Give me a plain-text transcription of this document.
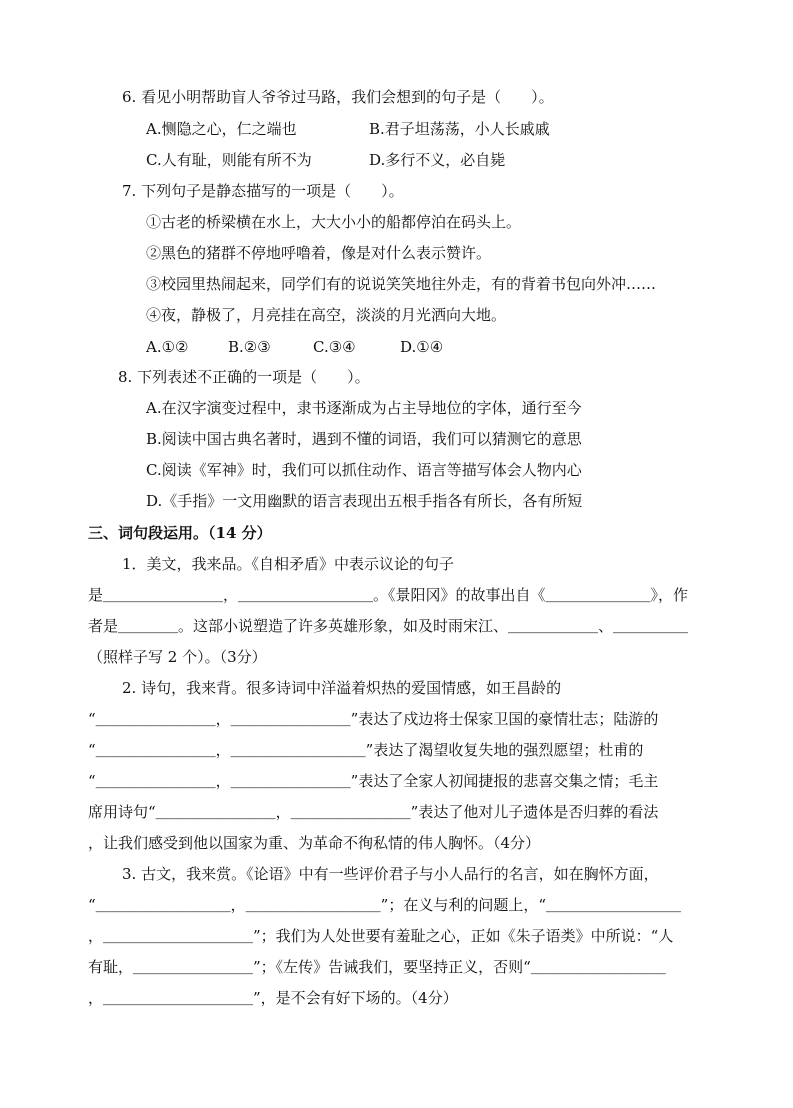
6. 看见小明帮助盲人爷爷过马路，我们会想到的句子是（　　）。
A.恻隐之心，仁之端也	B.君子坦荡荡，小人长戚戚
C.人有耻，则能有所不为	D.多行不义，必自毙
7. 下列句子是静态描写的一项是（　　）。
①古老的桥梁横在水上，大大小小的船都停泊在码头上。
②黑色的猪群不停地呼噜着，像是对什么表示赞许。
③校园里热闹起来，同学们有的说说笑笑地往外走，有的背着书包向外冲……
④夜，静极了，月亮挂在高空，淡淡的月光洒向大地。
A.①②	B.②③	C.③④	D.①④
8. 下列表述不正确的一项是（　　）。
A.在汉字演变过程中，隶书逐渐成为占主导地位的字体，通行至今
B.阅读中国古典名著时，遇到不懂的词语，我们可以猜测它的意思
C.阅读《军神》时，我们可以抓住动作、语言等描写体会人物内心
D.《手指》一文用幽默的语言表现出五根手指各有所长，各有所短
三、词句段运用。（14 分）
1．美文，我来品。《自相矛盾》中表示议论的句子
是＿＿＿＿＿＿＿＿，＿＿＿＿＿＿＿＿＿。《景阳冈》的故事出自《＿＿＿＿＿＿＿》，作
者是＿＿＿＿。这部小说塑造了许多英雄形象，如及时雨宋江、＿＿＿＿＿＿、＿＿＿＿＿
（照样子写 2 个）。（3分）
2. 诗句，我来背。很多诗词中洋溢着炽热的爱国情感，如王昌龄的
“＿＿＿＿＿＿＿＿，＿＿＿＿＿＿＿＿”表达了戍边将士保家卫国的豪情壮志；陆游的
“＿＿＿＿＿＿＿＿，＿＿＿＿＿＿＿＿＿”表达了渴望收复失地的强烈愿望；杜甫的
“＿＿＿＿＿＿＿＿，＿＿＿＿＿＿＿＿”表达了全家人初闻捷报的悲喜交集之情；毛主
席用诗句“＿＿＿＿＿＿＿＿，＿＿＿＿＿＿＿＿”表达了他对儿子遗体是否归葬的看法
，让我们感受到他以国家为重、为革命不徇私情的伟人胸怀。（4分）
3. 古文，我来赏。《论语》中有一些评价君子与小人品行的名言，如在胸怀方面，
“＿＿＿＿＿＿＿＿＿，＿＿＿＿＿＿＿＿＿”；在义与利的问题上，“＿＿＿＿＿＿＿＿＿
，＿＿＿＿＿＿＿＿＿＿”；我们为人处世要有羞耻之心，正如《朱子语类》中所说：“人
有耻，＿＿＿＿＿＿＿＿”；《左传》告诫我们，要坚持正义，否则“＿＿＿＿＿＿＿＿＿
，＿＿＿＿＿＿＿＿＿＿”，是不会有好下场的。（4分）
